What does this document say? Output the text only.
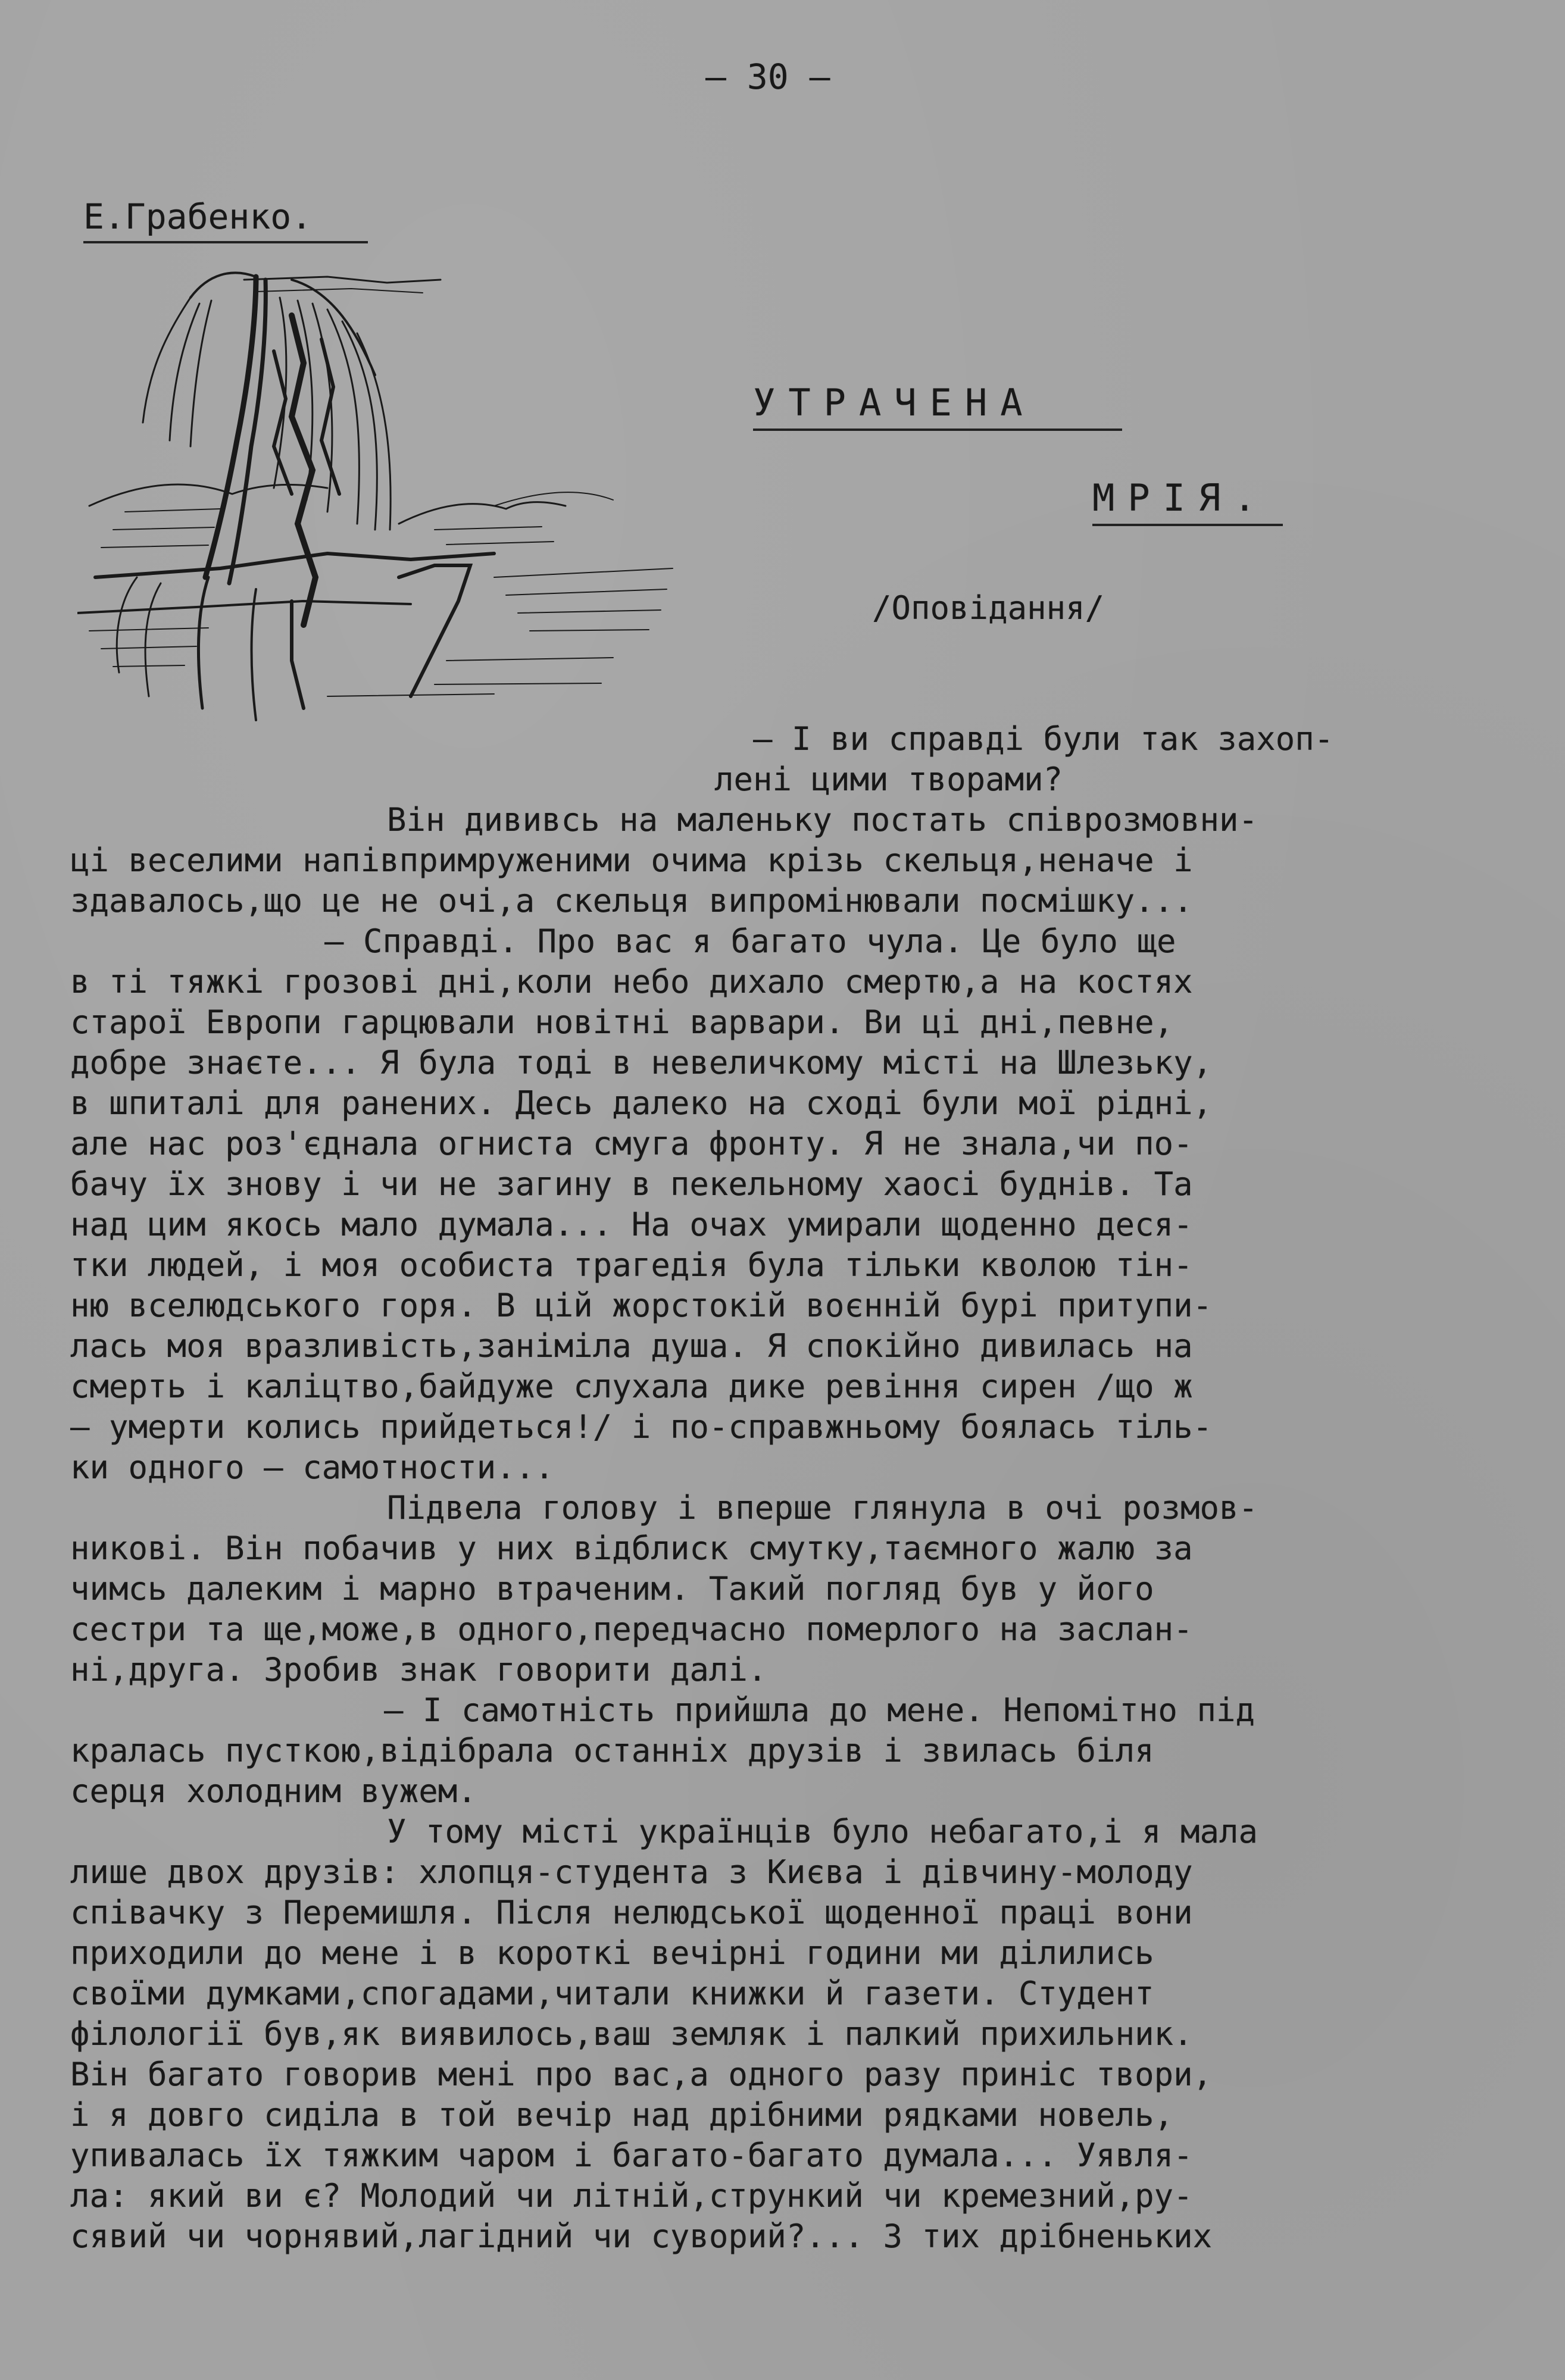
– 30 –
Е.Грабенко.
УТРАЧЕНА
МРІЯ.
/Оповідання/
– І ви справді були так захоп-
лені цими творами?
Він дививсь на маленьку постать співрозмовни-
ці веселими напівпримруженими очима крізь скельця,неначе і
здавалось,що це не очі,а скельця випромінювали посмішку...
– Справді. Про вас я багато чула. Це було ще
в ті тяжкі грозові дні,коли небо дихало смертю,а на костях
старої Европи гарцювали новітні варвари. Ви ці дні,певне,
добре знаєте... Я була тоді в невеличкому місті на Шлезьку,
в шпиталі для ранених. Десь далеко на сході були мої рідні,
але нас роз'єднала огниста смуга фронту. Я не знала,чи по-
бачу їх знову і чи не загину в пекельному хаосі буднів. Та
над цим якось мало думала... На очах умирали щоденно деся-
тки людей, і моя особиста трагедія була тільки кволою тін-
ню вселюдського горя. В цій жорстокій воєнній бурі притупи-
лась моя вразливість,заніміла душа. Я спокійно дивилась на
смерть і каліцтво,байдуже слухала дике ревіння сирен /що ж
– умерти колись прийдеться!/ і по-справжньому боялась тіль-
ки одного – самотности...
Підвела голову і вперше глянула в очі розмов-
никові. Він побачив у них відблиск смутку,таємного жалю за
чимсь далеким і марно втраченим. Такий погляд був у його
сестри та ще,може,в одного,передчасно померлого на заслан-
ні,друга. Зробив знак говорити далі.
– І самотність прийшла до мене. Непомітно під
кралась пусткою,відібрала останніх друзів і звилась біля
серця холодним вужем.
У тому місті українців було небагато,і я мала
лише двох друзів: хлопця-студента з Києва і дівчину-молоду
співачку з Перемишля. Після нелюдської щоденної праці вони
приходили до мене і в короткі вечірні години ми ділились
своїми думками,спогадами,читали книжки й газети. Студент
філології був,як виявилось,ваш земляк і палкий прихильник.
Він багато говорив мені про вас,а одного разу приніс твори,
і я довго сиділа в той вечір над дрібними рядками новель,
упивалась їх тяжким чаром і багато-багато думала... Уявля-
ла: який ви є? Молодий чи літній,стрункий чи кремезний,ру-
сявий чи чорнявий,лагідний чи суворий?... З тих дрібненьких
